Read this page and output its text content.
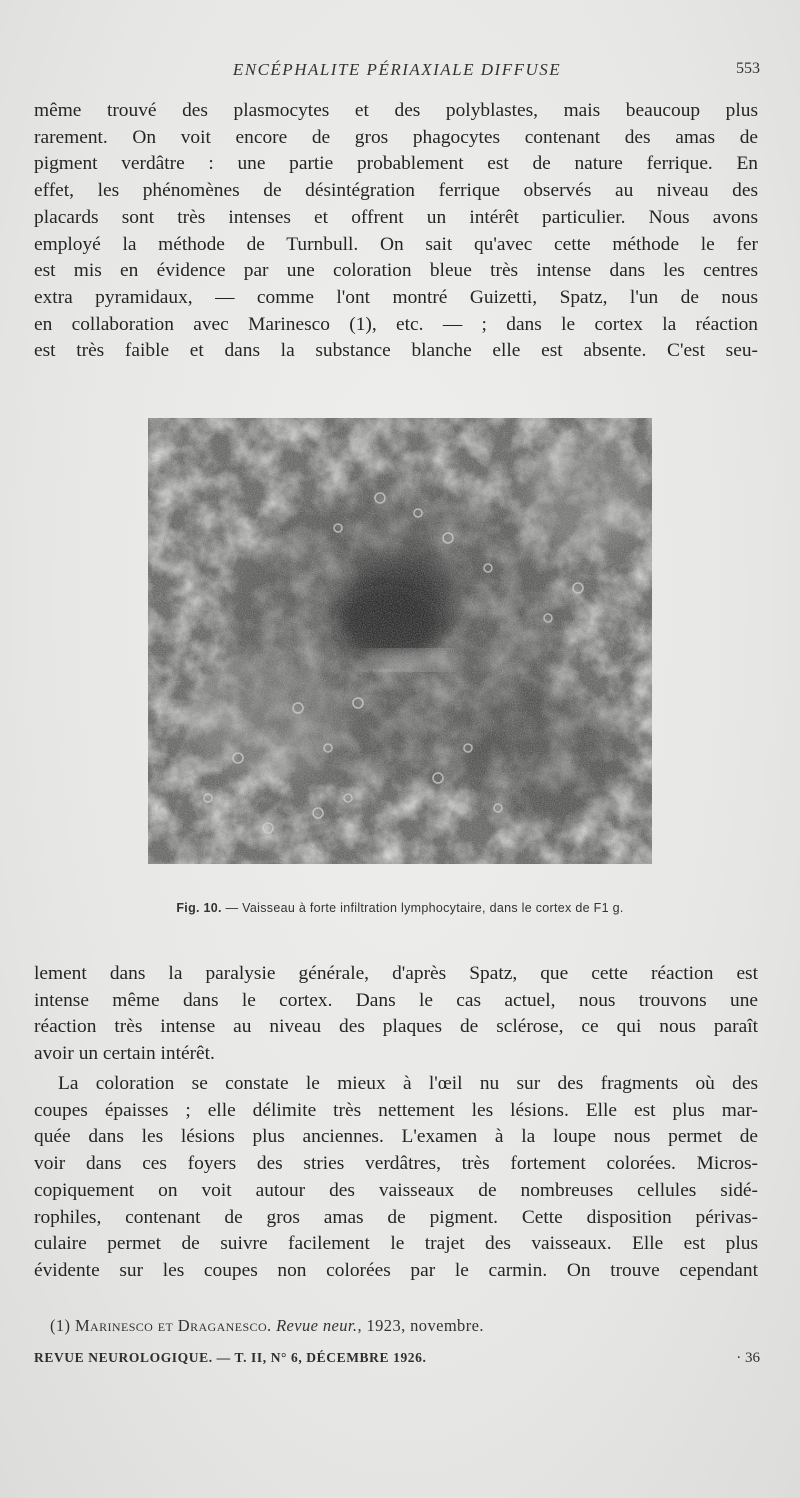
ENCÉPHALITE PÉRIAXIALE DIFFUSE	553

même trouvé des plasmocytes et des polyblastes, mais beaucoup plus
rarement. On voit encore de gros phagocytes contenant des amas de
pigment verdâtre : une partie probablement est de nature ferrique. En
effet, les phénomènes de désintégration ferrique observés au niveau des
placards sont très intenses et offrent un intérêt particulier. Nous avons
employé la méthode de Turnbull. On sait qu'avec cette méthode le fer
est mis en évidence par une coloration bleue très intense dans les centres
extra pyramidaux, — comme l'ont montré Guizetti, Spatz, l'un de nous
en collaboration avec Marinesco (1), etc. — ; dans le cortex la réaction
est très faible et dans la substance blanche elle est absente. C'est seu-

Fig. 10. — Vaisseau à forte infiltration lymphocytaire, dans le cortex de F1 g.

lement dans la paralysie générale, d'après Spatz, que cette réaction est
intense même dans le cortex. Dans le cas actuel, nous trouvons une
réaction très intense au niveau des plaques de sclérose, ce qui nous paraît
avoir un certain intérêt.

La coloration se constate le mieux à l'œil nu sur des fragments où des
coupes épaisses ; elle délimite très nettement les lésions. Elle est plus mar-
quée dans les lésions plus anciennes. L'examen à la loupe nous permet de
voir dans ces foyers des stries verdâtres, très fortement colorées. Micros-
copiquement on voit autour des vaisseaux de nombreuses cellules sidé-
rophiles, contenant de gros amas de pigment. Cette disposition périvas-
culaire permet de suivre facilement le trajet des vaisseaux. Elle est plus
évidente sur les coupes non colorées par le carmin. On trouve cependant

(1) Marinesco et Draganesco. Revue neur., 1923, novembre.
REVUE NEUROLOGIQUE. — T. II, N° 6, DÉCEMBRE 1926.	· 36
